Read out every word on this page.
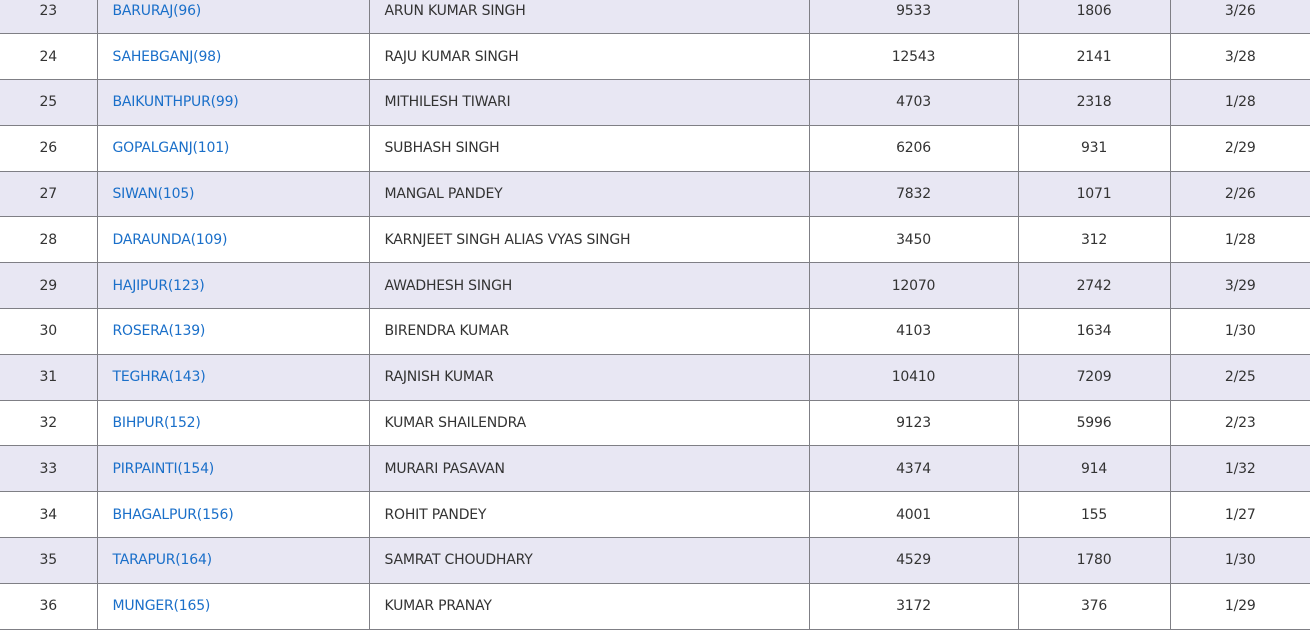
23	BARURAJ(96)	ARUN KUMAR SINGH	9533	1806	3/26
24	SAHEBGANJ(98)	RAJU KUMAR SINGH	12543	2141	3/28
25	BAIKUNTHPUR(99)	MITHILESH TIWARI	4703	2318	1/28
26	GOPALGANJ(101)	SUBHASH SINGH	6206	931	2/29
27	SIWAN(105)	MANGAL PANDEY	7832	1071	2/26
28	DARAUNDA(109)	KARNJEET SINGH ALIAS VYAS SINGH	3450	312	1/28
29	HAJIPUR(123)	AWADHESH SINGH	12070	2742	3/29
30	ROSERA(139)	BIRENDRA KUMAR	4103	1634	1/30
31	TEGHRA(143)	RAJNISH KUMAR	10410	7209	2/25
32	BIHPUR(152)	KUMAR SHAILENDRA	9123	5996	2/23
33	PIRPAINTI(154)	MURARI PASAVAN	4374	914	1/32
34	BHAGALPUR(156)	ROHIT PANDEY	4001	155	1/27
35	TARAPUR(164)	SAMRAT CHOUDHARY	4529	1780	1/30
36	MUNGER(165)	KUMAR PRANAY	3172	376	1/29
